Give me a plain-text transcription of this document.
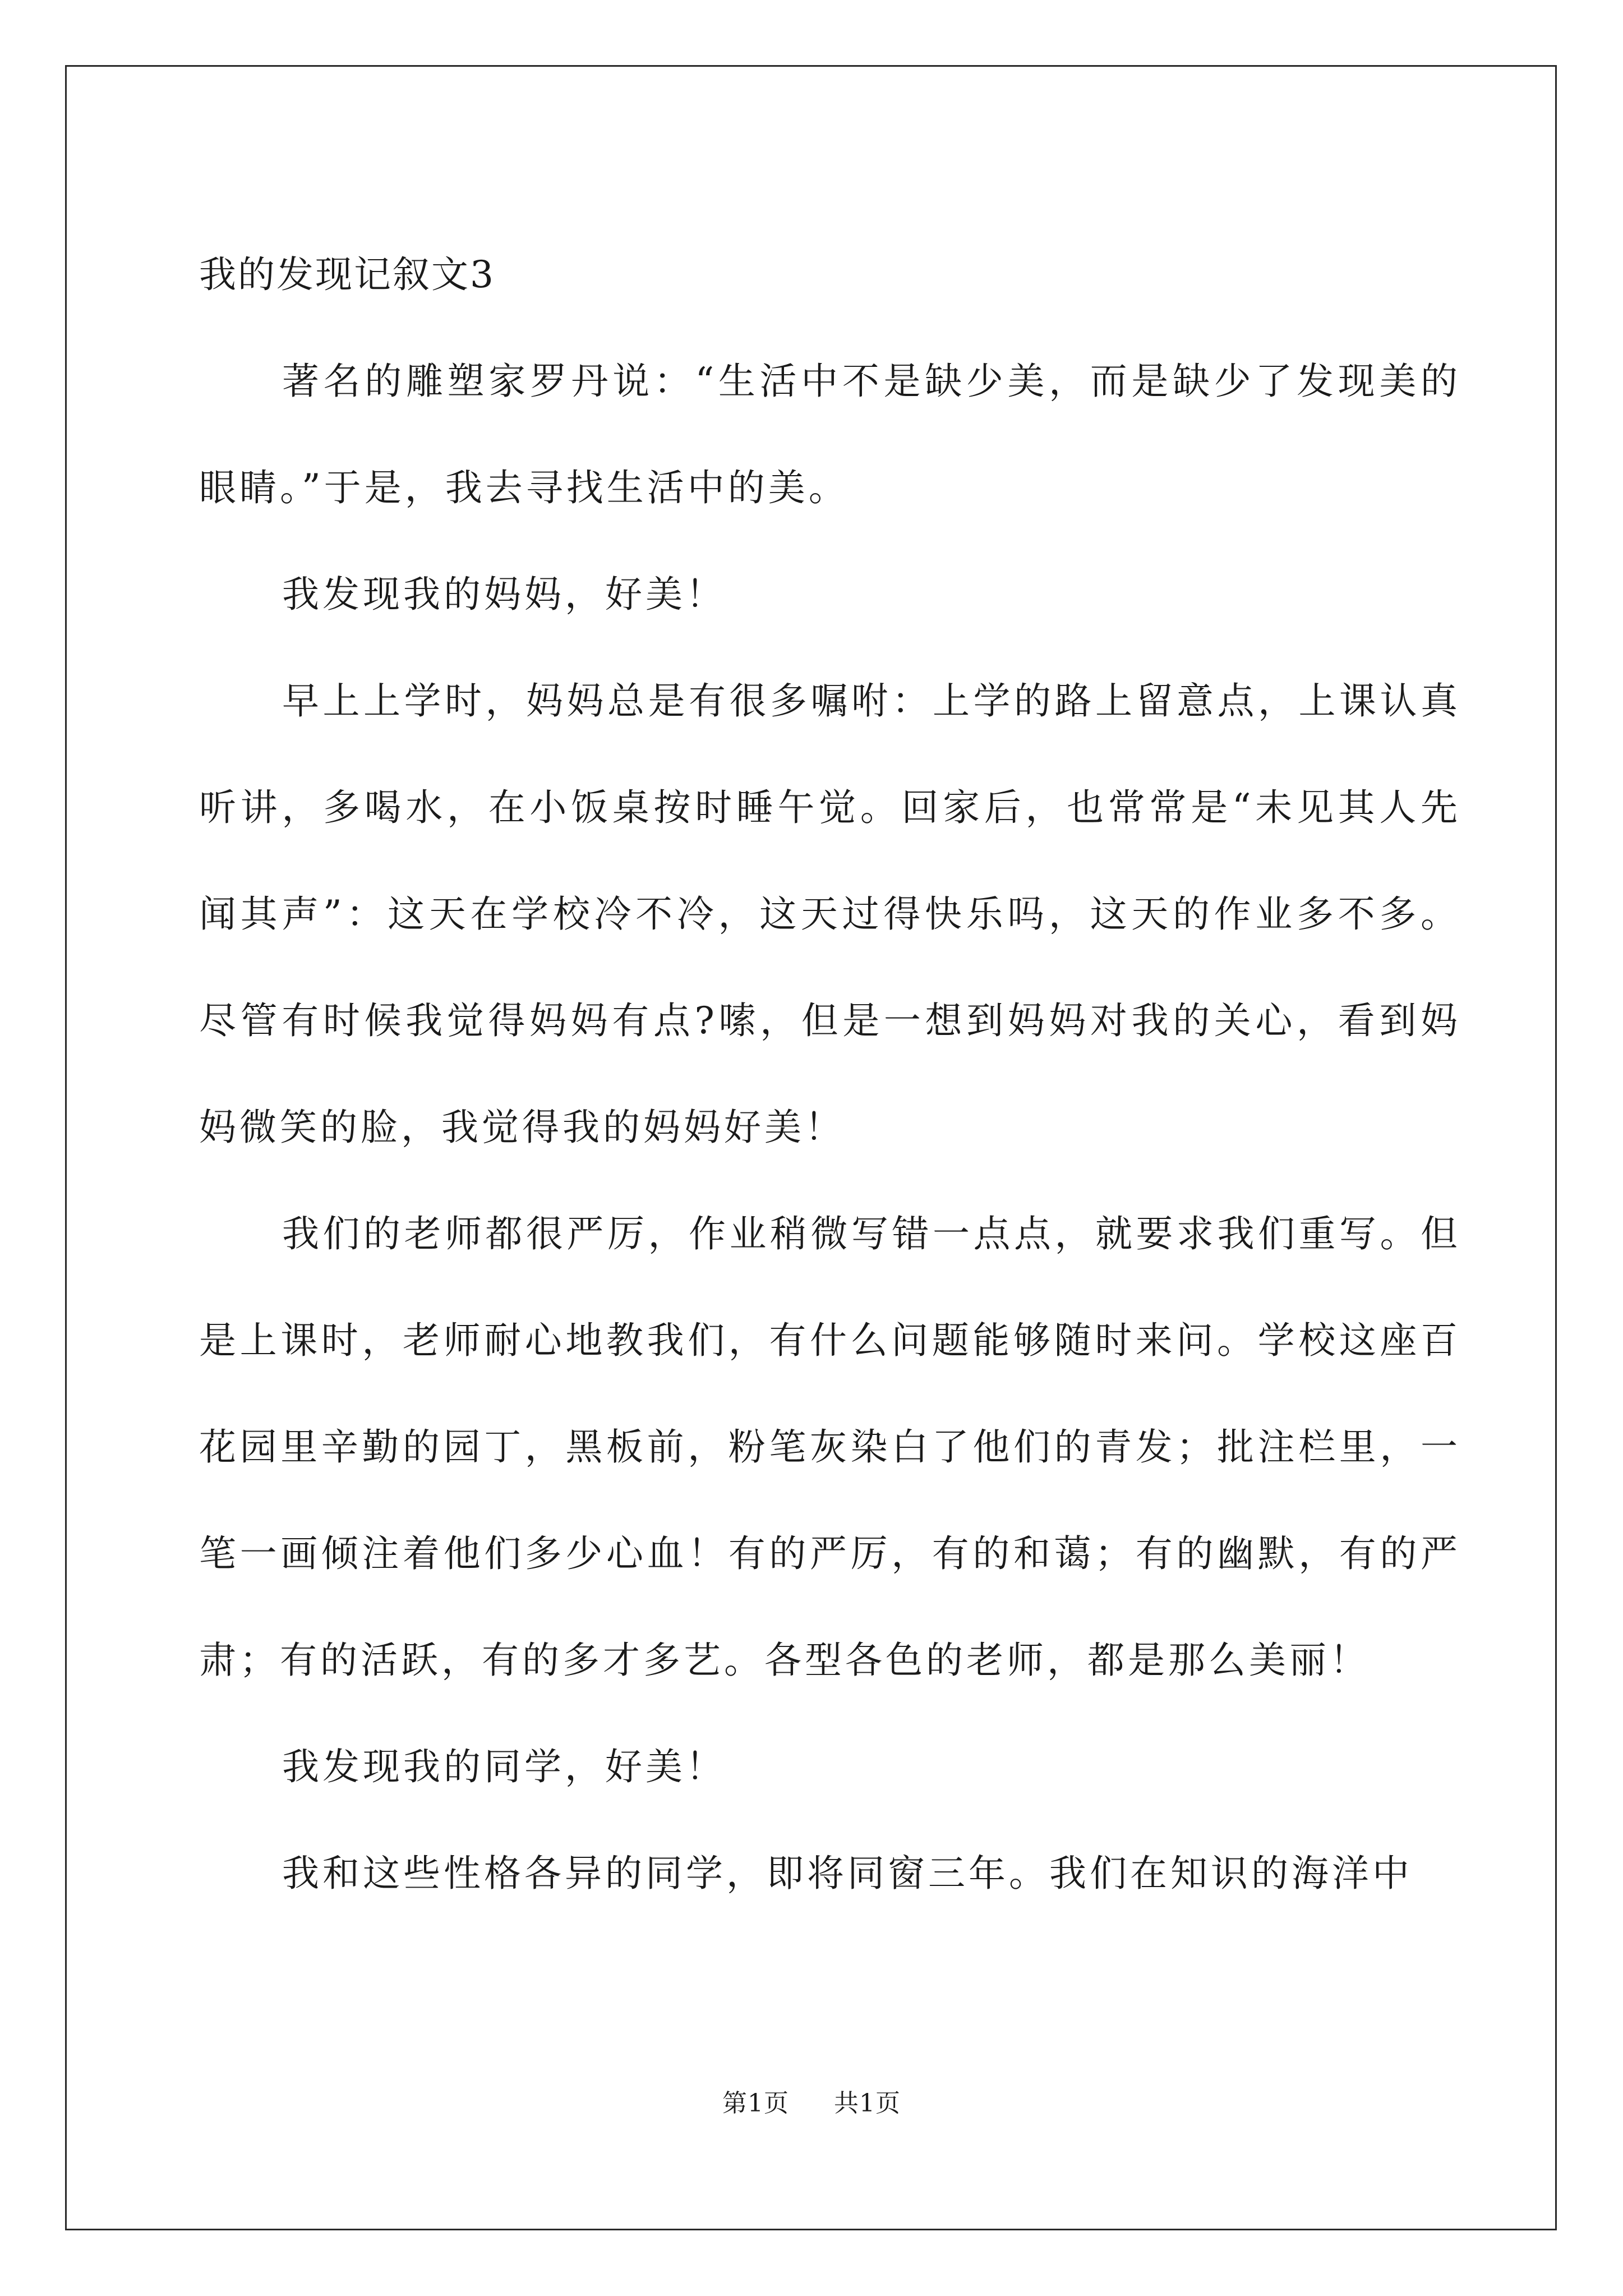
我的发现记叙文3

著名的雕塑家罗丹说：“生活中不是缺少美，而是缺少了发现美的眼睛。”于是，我去寻找生活中的美。

我发现我的妈妈，好美！

早上上学时，妈妈总是有很多嘱咐：上学的路上留意点，上课认真听讲，多喝水，在小饭桌按时睡午觉。回家后，也常常是“未见其人先闻其声”：这天在学校冷不冷，这天过得快乐吗，这天的作业多不多。尽管有时候我觉得妈妈有点?嗦，但是一想到妈妈对我的关心，看到妈妈微笑的脸，我觉得我的妈妈好美！

我们的老师都很严厉，作业稍微写错一点点，就要求我们重写。但是上课时，老师耐心地教我们，有什么问题能够随时来问。学校这座百花园里辛勤的园丁，黑板前，粉笔灰染白了他们的青发；批注栏里，一笔一画倾注着他们多少心血！有的严厉，有的和蔼；有的幽默，有的严肃；有的活跃，有的多才多艺。各型各色的老师，都是那么美丽！

我发现我的同学，好美！

我和这些性格各异的同学，即将同窗三年。我们在知识的海洋中

第1页 共1页
